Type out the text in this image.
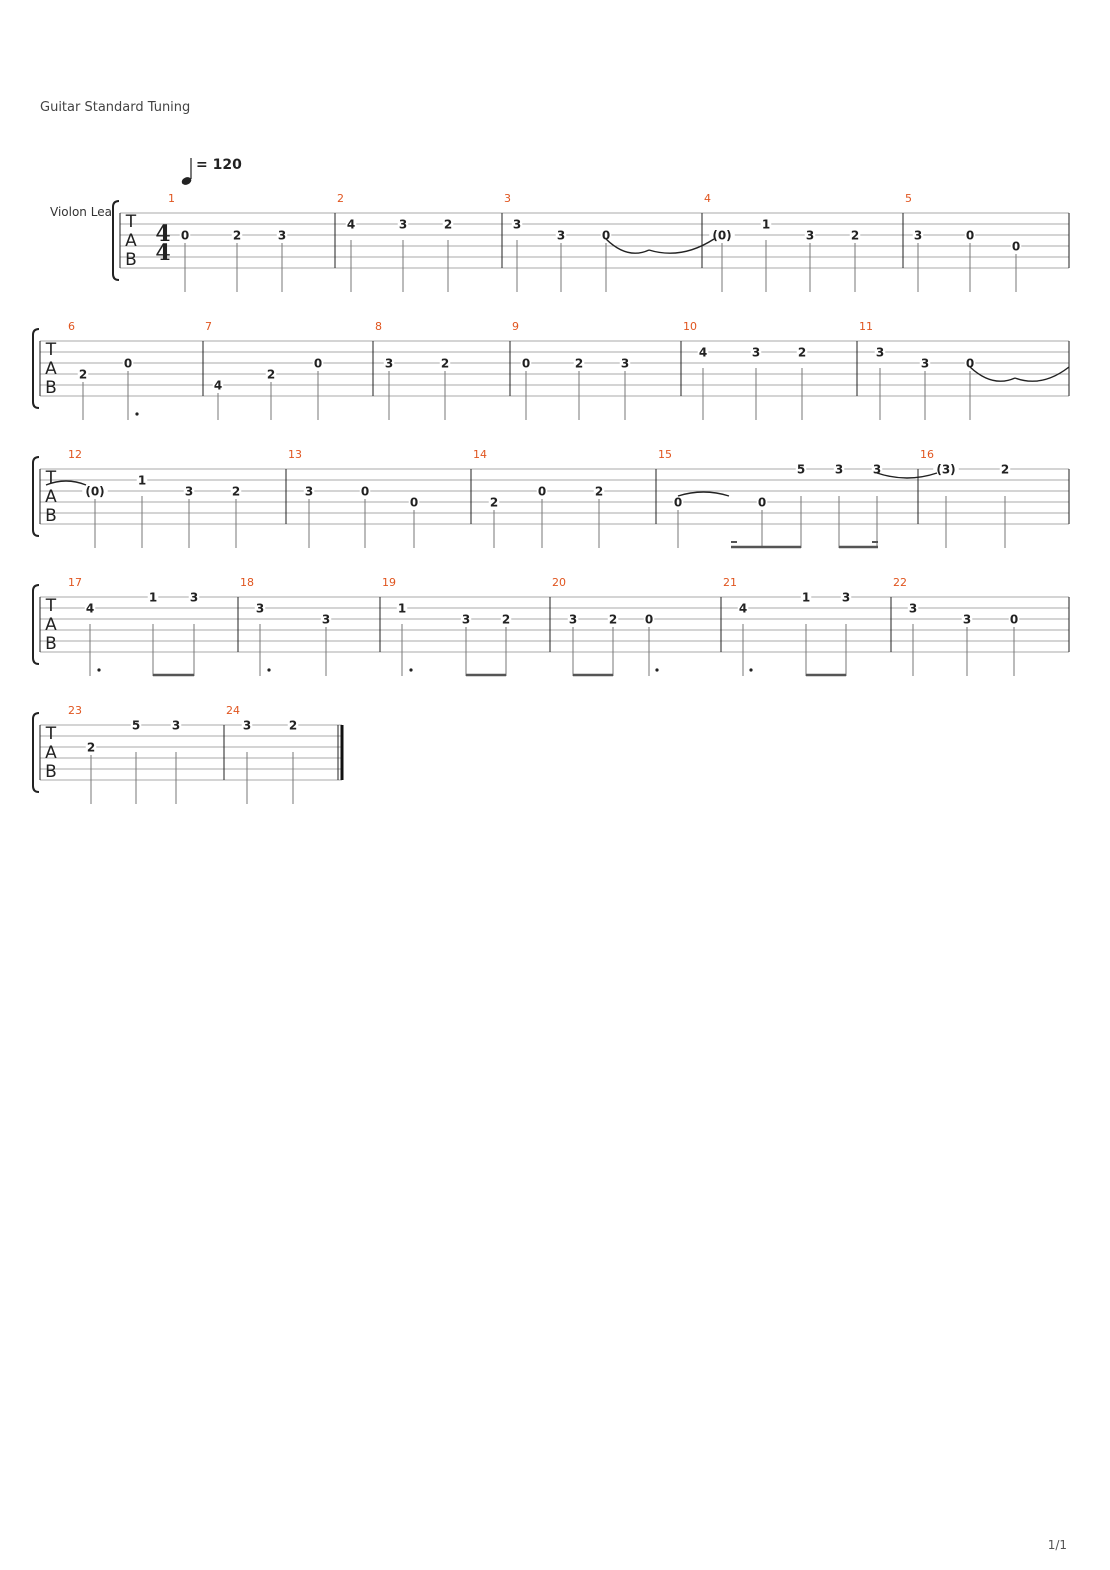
Guitar Standard Tuning
= 120
Violon Lea T
A
B
4
4
1
0	2	3
2
4	3	2
3
3
3	0
4
(0)
1
3	2
5
3	0
0
T
A
B
6
2
0
7
4
2
0
8
3	2
9
0	2	3
10
4	3	2
11
3
3	0
T
A
B
12
(0)
1
3	2
13
3	0
0
14
2
0	2
15
0	0
5 3 3
16
(3)	2
T
A
B
17
4
1	3
18
3
3
19
1
3	2
20
3	2 0
21
4
1	3
22
3
3	0
T
A
B
23
2
5	3
24
3	2
1/1
